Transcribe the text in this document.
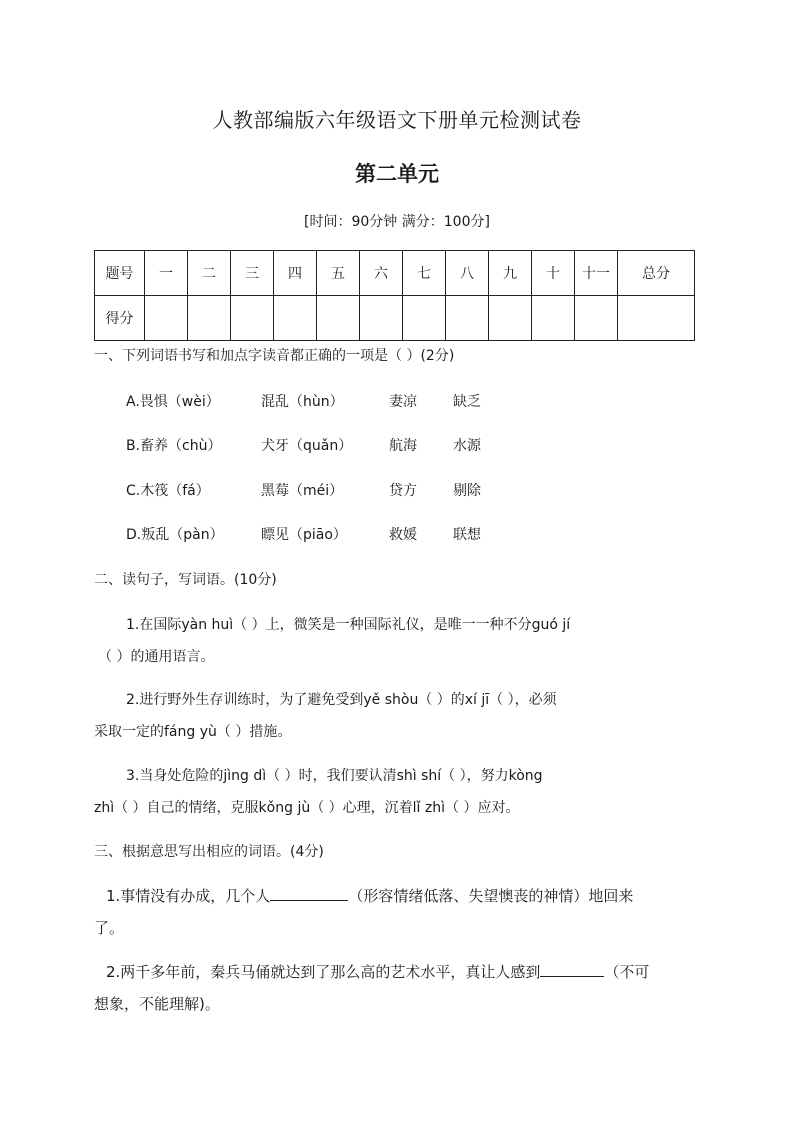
人教部编版六年级语文下册单元检测试卷
第二单元
[时间：90分钟 满分：100分]
题号	一	二	三	四	五	六	七	八	九	十	十一	总分
得分												
一、下列词语书写和加点字读音都正确的一项是（ ）(2分)
A.畏惧（wèi）	混乱（hùn）	妻凉	缺乏
B.畜养（chù）	犬牙（quǎn）	航海	水源
C.木筏（fá）	黑莓（méi）	贷方	剔除
D.叛乱（pàn）	瞟见（piāo）	救媛	联想
二、读句子，写词语。(10分)
1.在国际yàn huì（ ）上，微笑是一种国际礼仪，是唯一一种不分guó jí
（ ）的通用语言。
2.进行野外生存训练时，为了避免受到yě shòu（ ）的xí jī（ ），必须
采取一定的fáng yù（ ）措施。
3.当身处危险的jìng dì（ ）时，我们要认清shì shí（ ），努力kòng
zhì（ ）自己的情绪，克服kǒng jù（ ）心理，沉着lǐ zhì（ ）应对。
三、根据意思写出相应的词语。(4分)
1.事情没有办成，几个人	（形容情绪低落、失望懊丧的神情）地回来
了。
2.两千多年前，秦兵马俑就达到了那么高的艺术水平，真让人感到	（不可
想象，不能理解)。
